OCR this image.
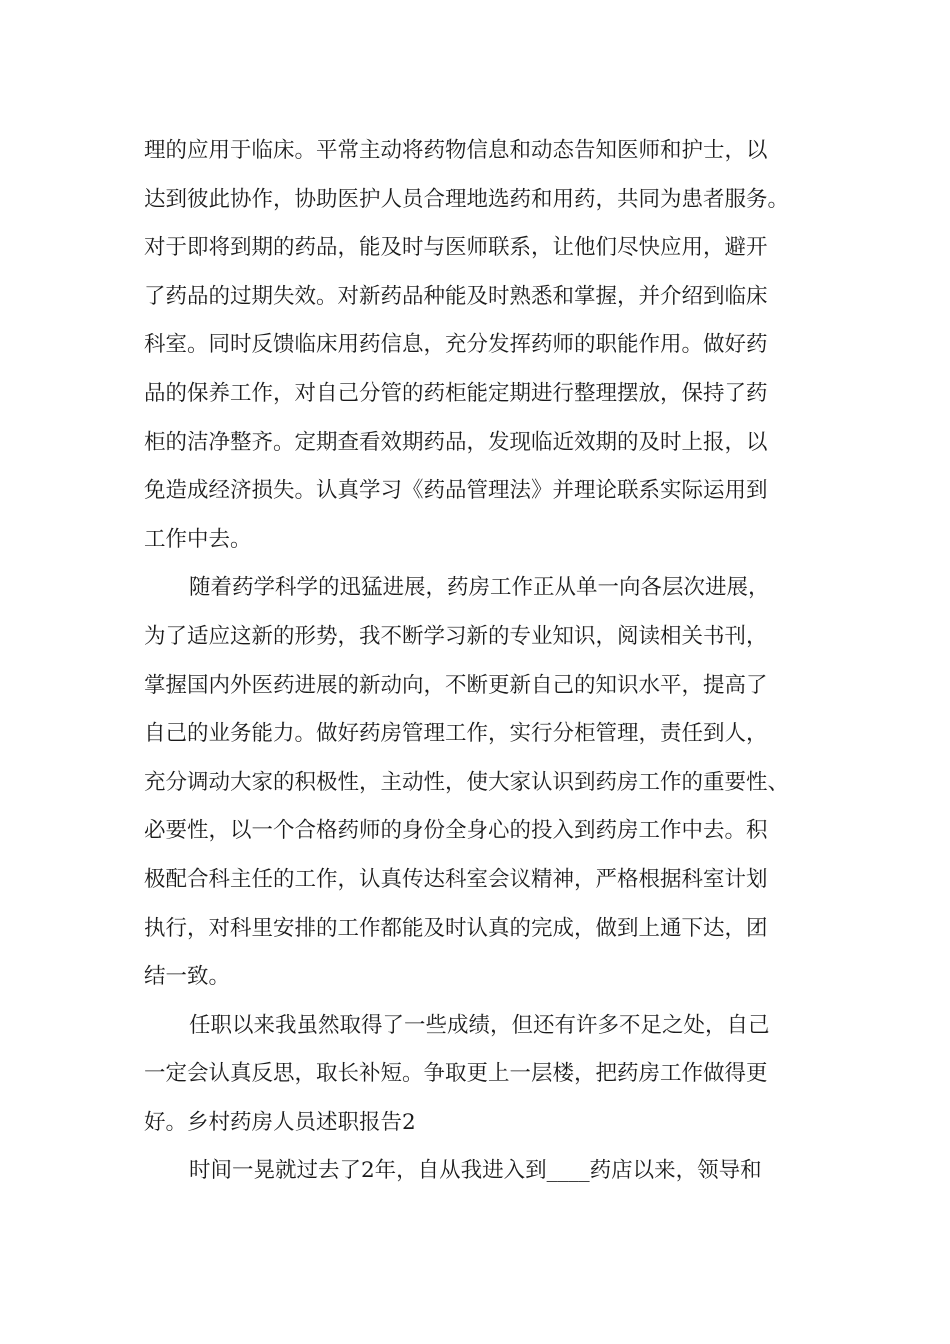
理的应用于临床。平常主动将药物信息和动态告知医师和护士，以
达到彼此协作，协助医护人员合理地选药和用药，共同为患者服务。
对于即将到期的药品，能及时与医师联系，让他们尽快应用，避开
了药品的过期失效。对新药品种能及时熟悉和掌握，并介绍到临床
科室。同时反馈临床用药信息，充分发挥药师的职能作用。做好药
品的保养工作，对自己分管的药柜能定期进行整理摆放，保持了药
柜的洁净整齐。定期查看效期药品，发现临近效期的及时上报，以
免造成经济损失。认真学习《药品管理法》并理论联系实际运用到
工作中去。
随着药学科学的迅猛进展，药房工作正从单一向各层次进展，
为了适应这新的形势，我不断学习新的专业知识，阅读相关书刊，
掌握国内外医药进展的新动向，不断更新自己的知识水平，提高了
自己的业务能力。做好药房管理工作，实行分柜管理，责任到人，
充分调动大家的积极性，主动性，使大家认识到药房工作的重要性、
必要性，以一个合格药师的身份全身心的投入到药房工作中去。积
极配合科主任的工作，认真传达科室会议精神，严格根据科室计划
执行，对科里安排的工作都能及时认真的完成，做到上通下达，团
结一致。
任职以来我虽然取得了一些成绩，但还有许多不足之处，自己
一定会认真反思，取长补短。争取更上一层楼，把药房工作做得更
好。乡村药房人员述职报告2
时间一晃就过去了2年，自从我进入到____药店以来，领导和
